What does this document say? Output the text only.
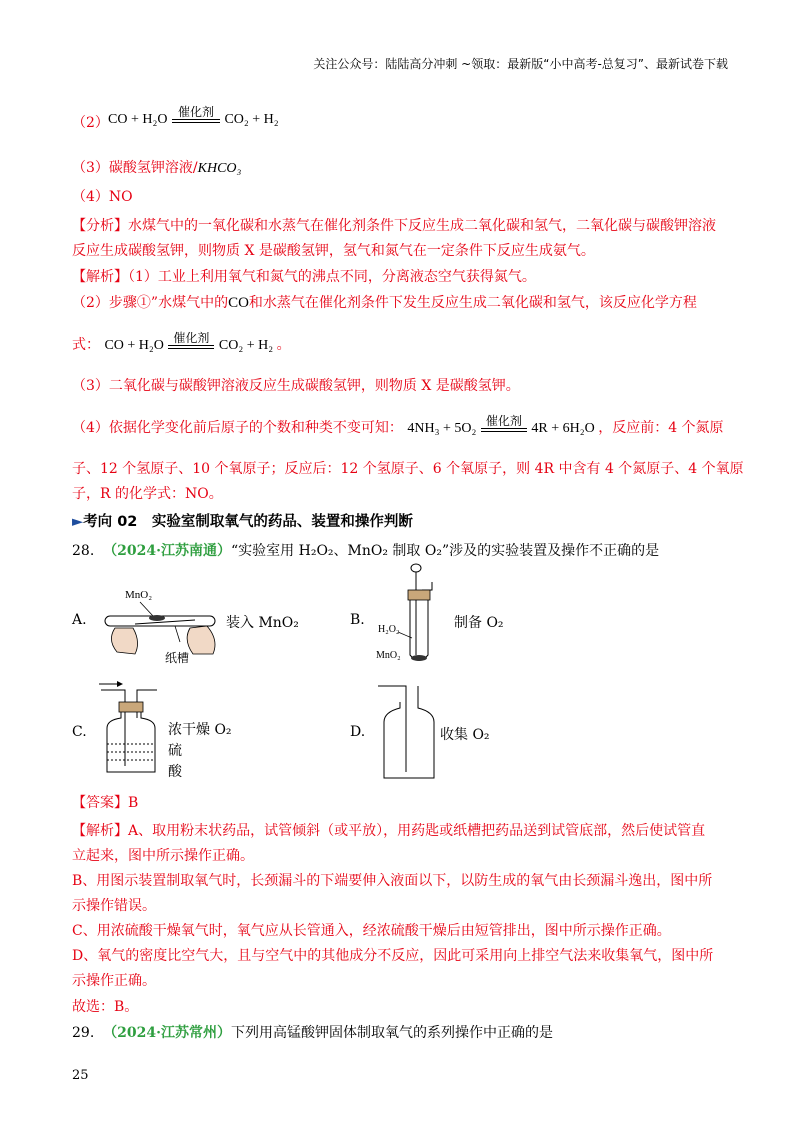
关注公众号：陆陆高分冲刺 ~领取：最新版“小中高考-总复习”、最新试卷下载
（2） CO + H₂O 催化剂 CO₂ + H₂
（3）碳酸氢钾溶液/KHCO₃
（4）NO
【分析】水煤气中的一氧化碳和水蒸气在催化剂条件下反应生成二氧化碳和氢气，二氧化碳与碳酸钾溶液
反应生成碳酸氢钾，则物质 X 是碳酸氢钾，氢气和氮气在一定条件下反应生成氨气。
【解析】（1）工业上利用氧气和氮气的沸点不同，分离液态空气获得氮气。
（2）步骤①”水煤气中的CO和水蒸气在催化剂条件下发生反应生成二氧化碳和氢气，该反应化学方程
式： CO + H₂O 催化剂 CO₂ + H₂ 。
（3）二氧化碳与碳酸钾溶液反应生成碳酸氢钾，则物质 X 是碳酸氢钾。
（4）依据化学变化前后原子的个数和种类不变可知： 4NH₃ + 5O₂ 催化剂 4R + 6H₂O ，反应前：4 个氮原
子、12 个氢原子、10 个氧原子；反应后：12 个氢原子、6 个氧原子，则 4R 中含有 4 个氮原子、4 个氧原
子，R 的化学式：NO。
►考向 02　实验室制取氧气的药品、装置和操作判断
28. （2024·江苏南通）“实验室用 H₂O₂、MnO₂ 制取 O₂”涉及的实验装置及操作不正确的是
A.
MnO₂
纸槽
装入 MnO₂	B.
H₂O₂
MnO₂
制备 O₂
C.	浓干燥 O₂
硫
酸
D.	收集 O₂
【答案】B
【解析】A、取用粉末状药品，试管倾斜（或平放），用药匙或纸槽把药品送到试管底部，然后使试管直
立起来，图中所示操作正确。
B、用图示装置制取氧气时，长颈漏斗的下端要伸入液面以下，以防生成的氧气由长颈漏斗逸出，图中所
示操作错误。
C、用浓硫酸干燥氧气时，氧气应从长管通入，经浓硫酸干燥后由短管排出，图中所示操作正确。
D、氧气的密度比空气大，且与空气中的其他成分不反应，因此可采用向上排空气法来收集氧气，图中所
示操作正确。
故选：B。
29. （2024·江苏常州）下列用高锰酸钾固体制取氧气的系列操作中正确的是
25
